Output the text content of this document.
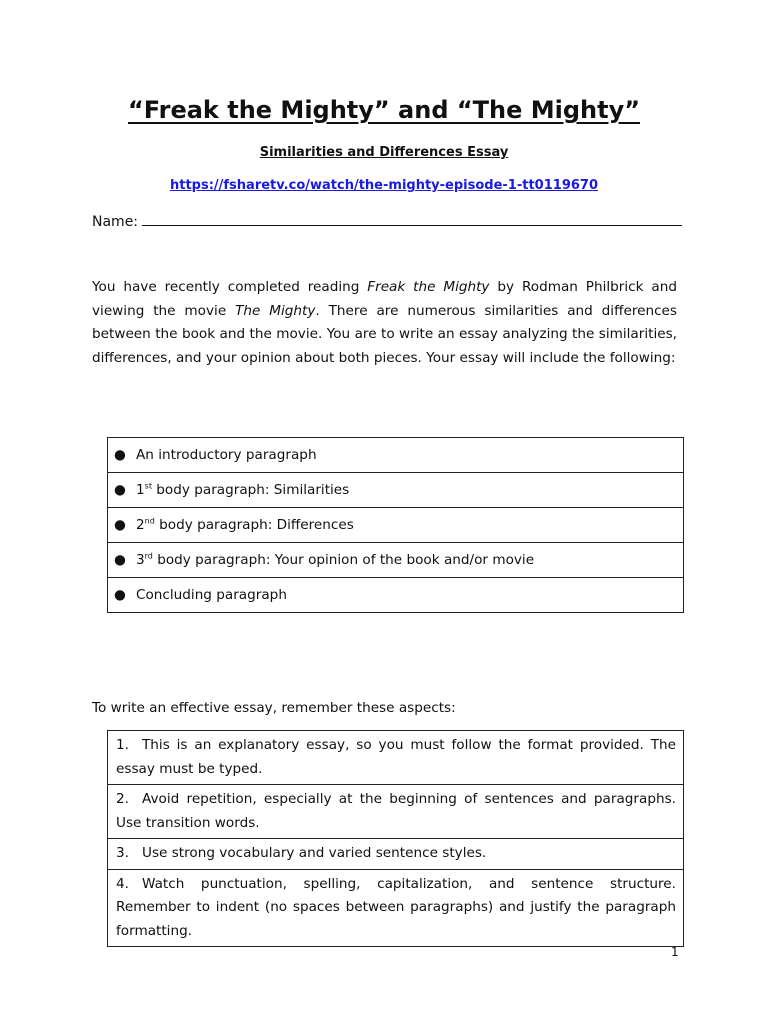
“Freak the Mighty” and “The Mighty”
Similarities and Differences Essay
https://fsharetv.co/watch/the-mighty-episode-1-tt0119670
Name:

You have recently completed reading Freak the Mighty by Rodman Philbrick and viewing the movie The Mighty. There are numerous similarities and differences between the book and the movie. You are to write an essay analyzing the similarities, differences, and your opinion about both pieces. Your essay will include the following:

● An introductory paragraph
● 1st body paragraph: Similarities
● 2nd body paragraph: Differences
● 3rd body paragraph: Your opinion of the book and/or movie
● Concluding paragraph
To write an effective essay, remember these aspects:
1. This is an explanatory essay, so you must follow the format provided. The essay must be typed.
2. Avoid repetition, especially at the beginning of sentences and paragraphs. Use transition words.
3. Use strong vocabulary and varied sentence styles.
4. Watch punctuation, spelling, capitalization, and sentence structure. Remember to indent (no spaces between paragraphs) and justify the paragraph formatting.
1
